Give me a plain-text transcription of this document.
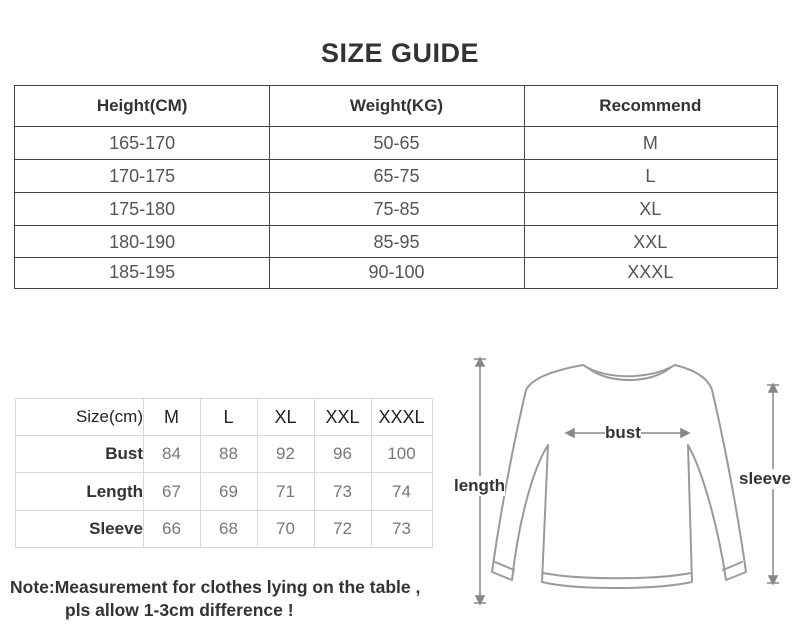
SIZE GUIDE
Height(CM)	Weight(KG)	Recommend
165-170	50-65	M
170-175	65-75	L
175-180	75-85	XL
180-190	85-95	XXL
185-195	90-100	XXXL
Size(cm)	M	L	XL	XXL	XXXL
Bust	84	88	92	96	100
Length	67	69	71	73	74
Sleeve	66	68	70	72	73
bust
length	sleeve
Note:Measurement for clothes lying on the table ,
pls allow 1-3cm difference !
